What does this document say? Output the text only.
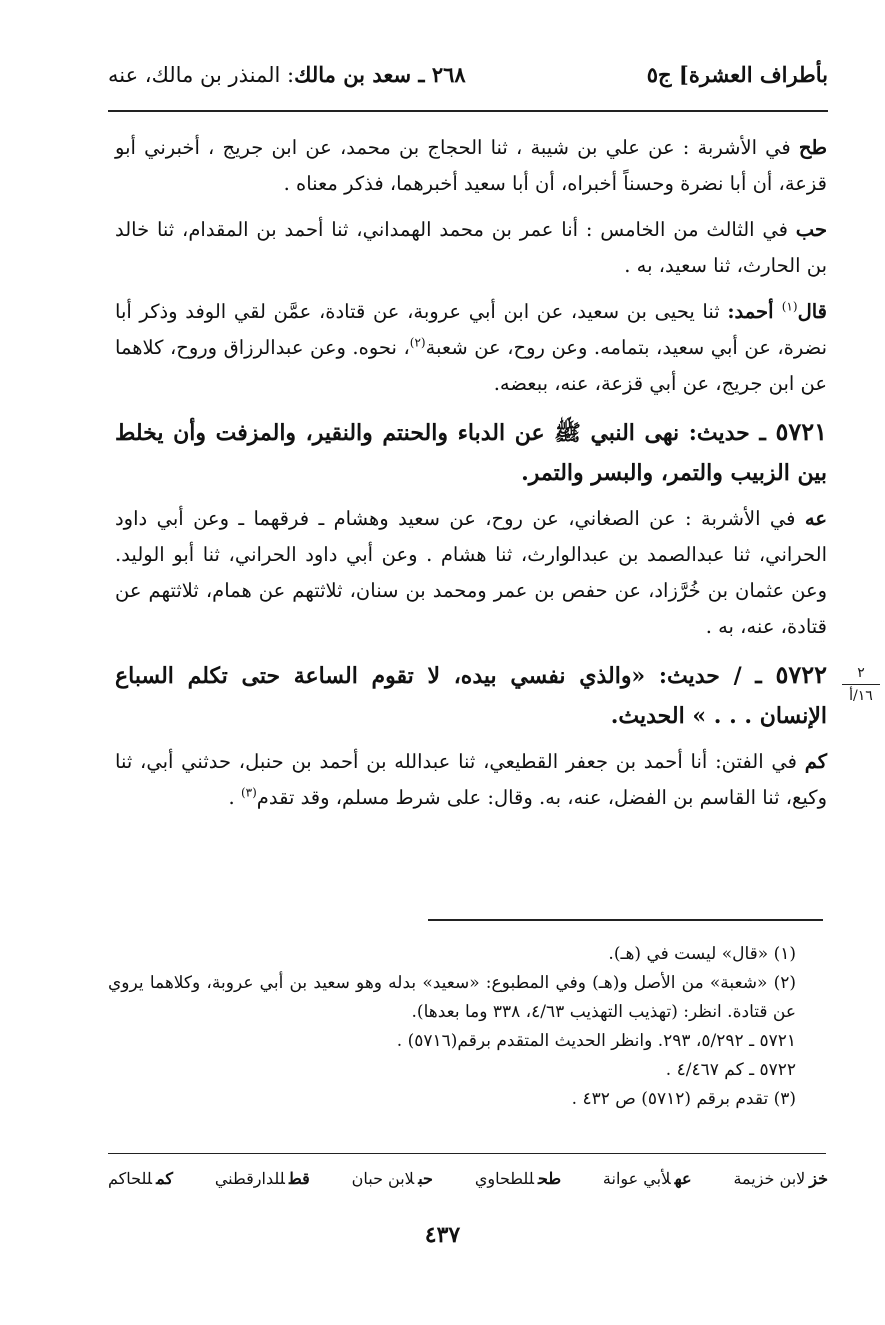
بأطراف العشرة] ج٥
٢٦٨ ـ سعد بن مالك: المنذر بن مالك، عنه

طح في الأشربة : عن علي بن شيبة ، ثنا الحجاج بن محمد، عن ابن جريج ، أخبرني أبو قزعة، أن أبا نضرة وحسناً أخبراه، أن أبا سعيد أخبرهما، فذكر معناه .

حب في الثالث من الخامس : أنا عمر بن محمد الهمداني، ثنا أحمد بن المقدام، ثنا خالد بن الحارث، ثنا سعيد، به .

قال$^{(١)}$ أحمد: ثنا يحيى بن سعيد، عن ابن أبي عروبة، عن قتادة، عمَّن لقي الوفد وذكر أبا نضرة، عن أبي سعيد، بتمامه. وعن روح، عن شعبة$^{(٢)}$، نحوه. وعن عبدالرزاق وروح، كلاهما عن ابن جريج، عن أبي قزعة، عنه، ببعضه.

٥٧٢١ ـ حديث: نهى النبي ﷺ عن الدباء والحنتم والنقير، والمزفت وأن يخلط بين الزبيب والتمر، والبسر والتمر.

عه في الأشربة : عن الصغاني، عن روح، عن سعيد وهشام ـ فرقهما ـ وعن أبي داود الحراني، ثنا عبدالصمد بن عبدالوارث، ثنا هشام . وعن أبي داود الحراني، ثنا أبو الوليد. وعن عثمان بن خُرَّزاد، عن حفص بن عمر ومحمد بن سنان، ثلاثتهم عن همام، ثلاثتهم عن قتادة، عنه، به .

٥٧٢٢ ـ / حديث: «والذي نفسي بيده، لا تقوم الساعة حتى تكلم السباع الإنسان . . . » الحديث.

كم في الفتن: أنا أحمد بن جعفر القطيعي، ثنا عبدالله بن أحمد بن حنبل، حدثني أبي، ثنا وكيع، ثنا القاسم بن الفضل، عنه، به. وقال: على شرط مسلم، وقد تقدم$^{(٣)}$ .

٢
١٦/أ

(١) «قال» ليست في (هـ).

(٢) «شعبة» من الأصل و(هـ) وفي المطبوع: «سعيد» بدله وهو سعيد بن أبي عروبة، وكلاهما يروي عن قتادة. انظر: (تهذيب التهذيب ٤/٦٣، ٣٣٨ وما بعدها).

٥٧٢١ ـ ٥/٢٩٢، ٢٩٣. وانظر الحديث المتقدم برقم(٥٧١٦) .

٥٧٢٢ ـ كم ٤/٤٦٧ .

(٣) تقدم برقم (٥٧١٢) ص ٤٣٢ .

خزلابن خزيمة
عهلأبي عوانة
طحللطحاوي
حبلابن حبان
قطللدارقطني
كمللحاكم
٤٣٧
